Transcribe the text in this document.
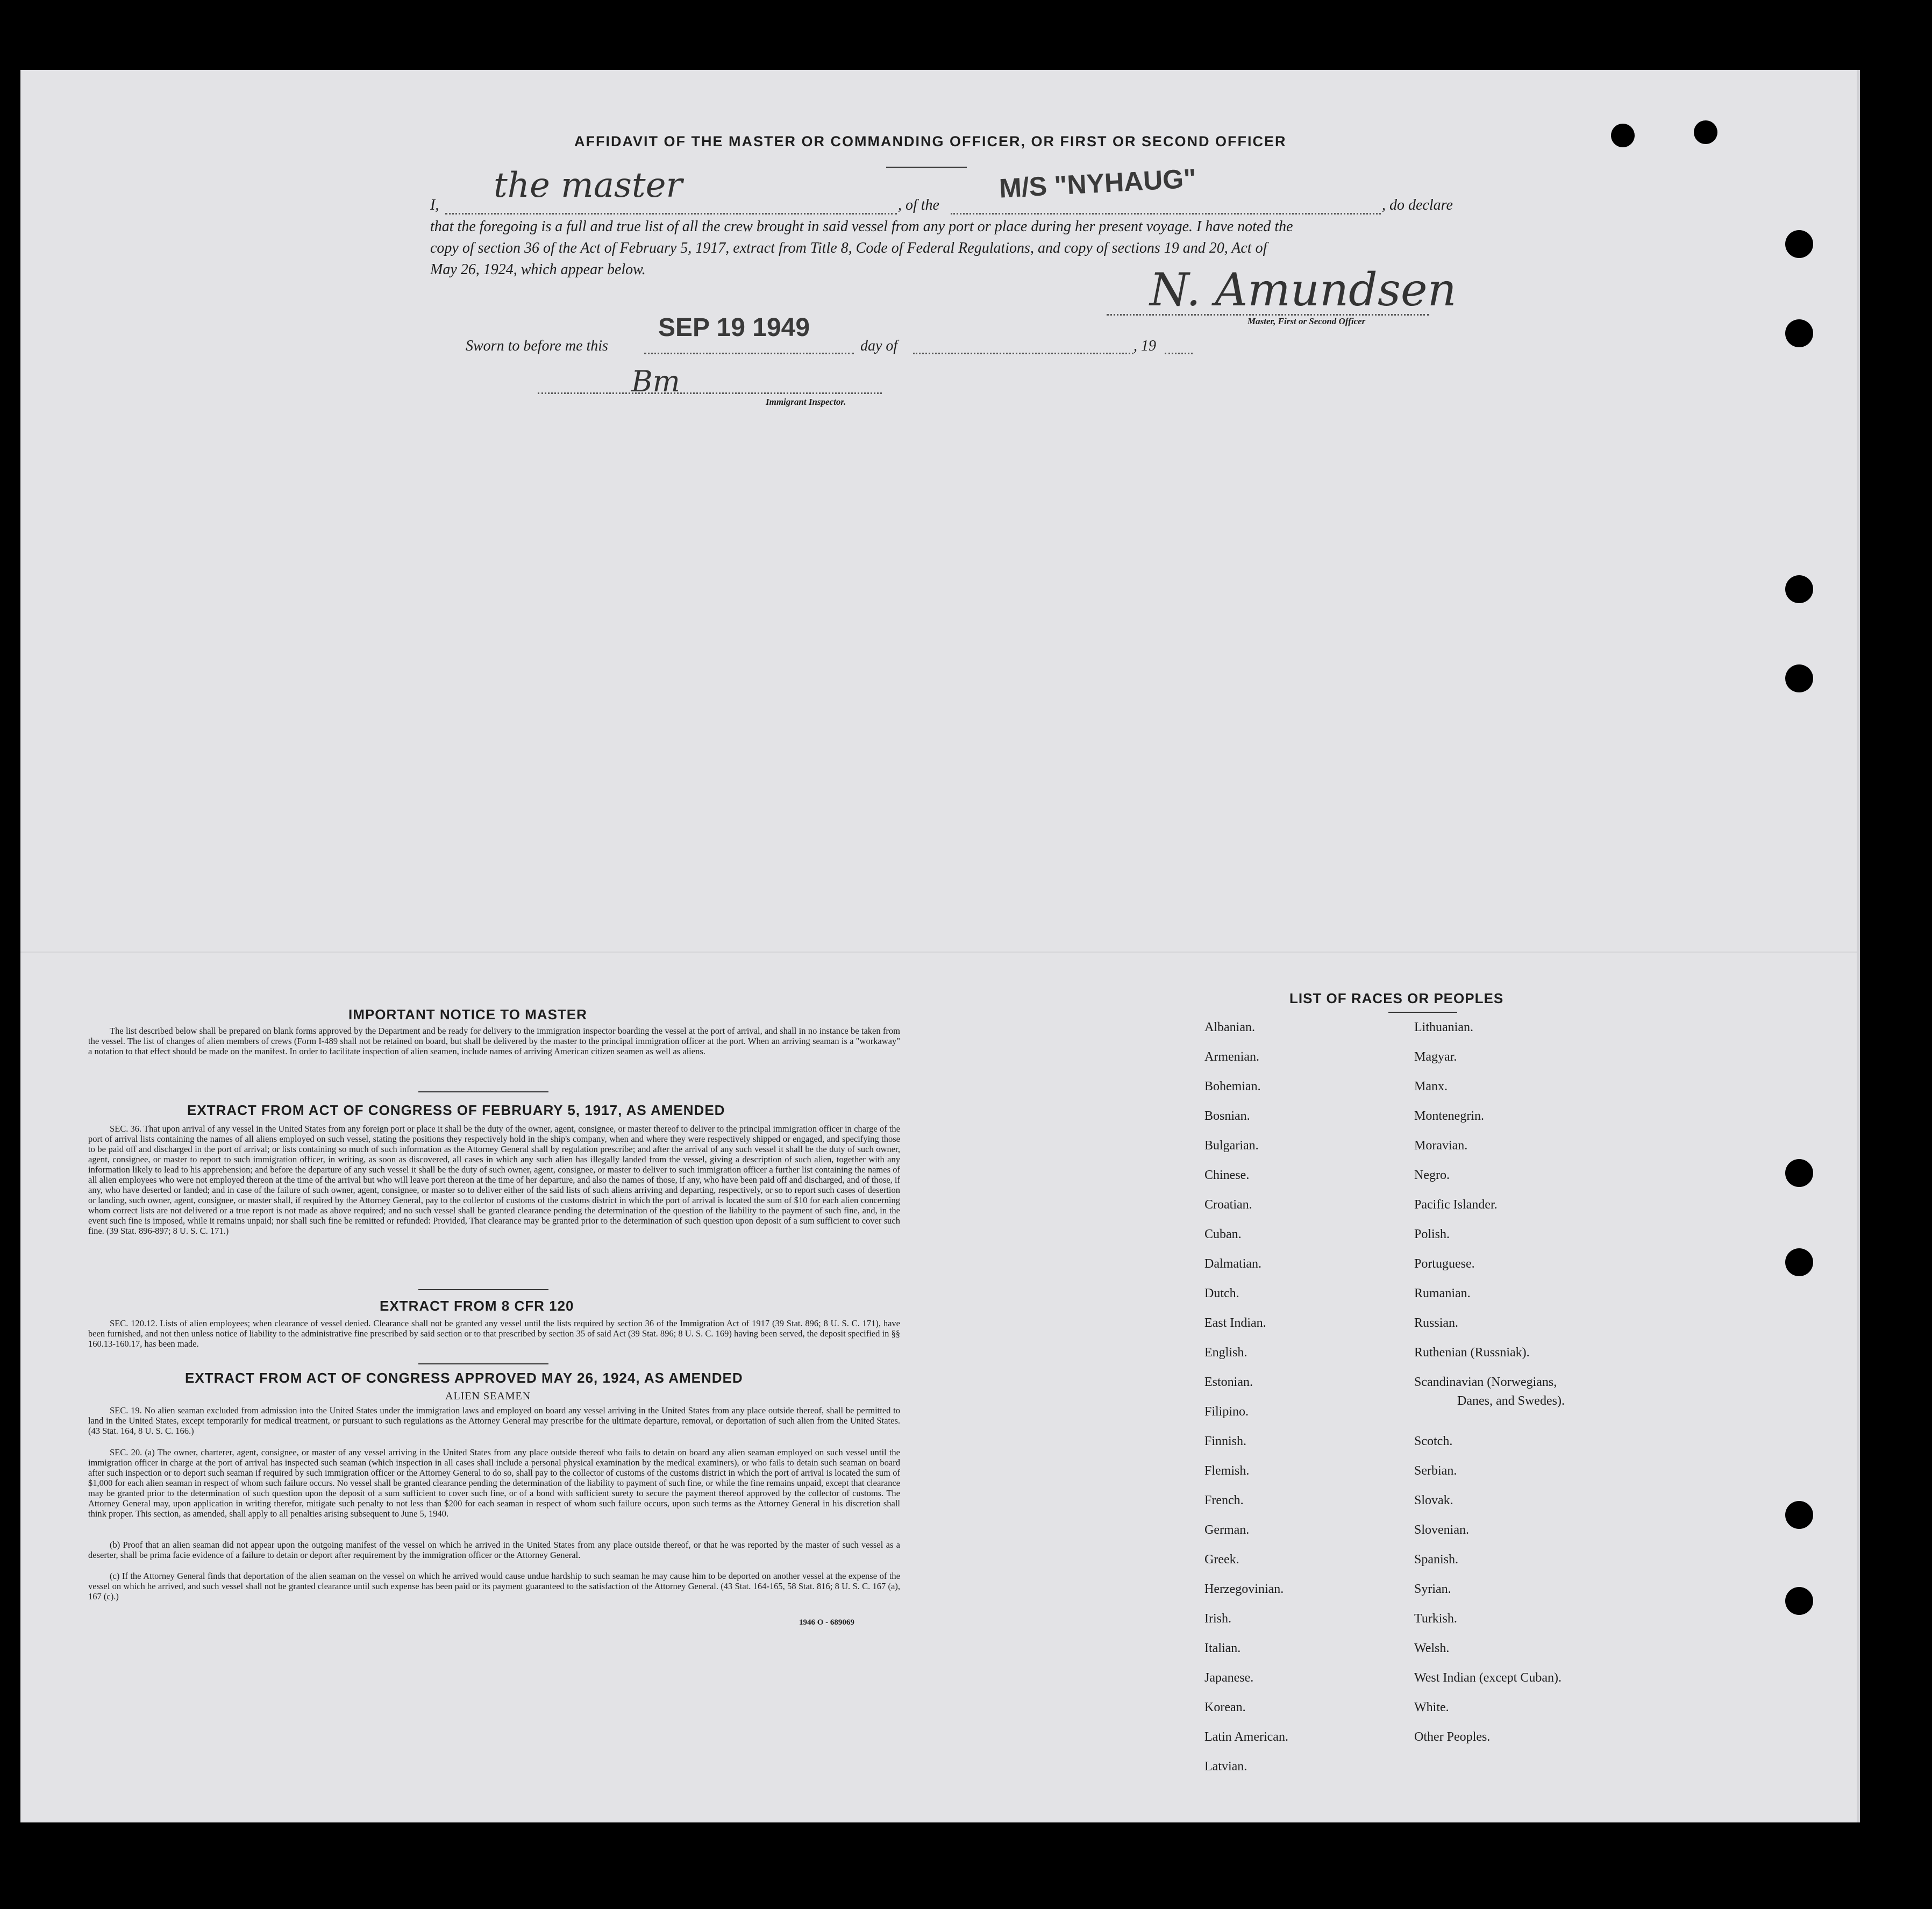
AFFIDAVIT OF THE MASTER OR COMMANDING OFFICER, OR FIRST OR SECOND OFFICER
I, the master	, of the
M/S "NYHAUG"
, do declare
that the foregoing is a full and true list of all the crew brought in said vessel from any port or place during her present voyage. I have noted the
copy of section 36 of the Act of February 5, 1917, extract from Title 8, Code of Federal Regulations, and copy of sections 19 and 20, Act of
May 26, 1924, which appear below.	N. Amundsen
Master, First or Second Officer
Sworn to before me this
SEP 19 1949
day of	, 19
Bm
Immigrant Inspector.
IMPORTANT NOTICE TO MASTER
The list described below shall be prepared on blank forms approved by the Department and be ready for delivery to the immigration inspector boarding the vessel at the port of arrival, and shall in no instance be taken from the vessel. The list of changes of alien members of crews (Form I-489 shall not be retained on board, but shall be delivered by the master to the principal immigration officer at the port. When an arriving seaman is a "workaway" a notation to that effect should be made on the manifest. In order to facilitate inspection of alien seamen, include names of arriving American citizen seamen as well as aliens.
EXTRACT FROM ACT OF CONGRESS OF FEBRUARY 5, 1917, AS AMENDED
SEC. 36. That upon arrival of any vessel in the United States from any foreign port or place it shall be the duty of the owner, agent, consignee, or master thereof to deliver to the principal immigration officer in charge of the port of arrival lists containing the names of all aliens employed on such vessel, stating the positions they respectively hold in the ship's company, when and where they were respectively shipped or engaged, and specifying those to be paid off and discharged in the port of arrival; or lists containing so much of such information as the Attorney General shall by regulation prescribe; and after the arrival of any such vessel it shall be the duty of such owner, agent, consignee, or master to report to such immigration officer, in writing, as soon as discovered, all cases in which any such alien has illegally landed from the vessel, giving a description of such alien, together with any information likely to lead to his apprehension; and before the departure of any such vessel it shall be the duty of such owner, agent, consignee, or master to deliver to such immigration officer a further list containing the names of all alien employees who were not employed thereon at the time of the arrival but who will leave port thereon at the time of her departure, and also the names of those, if any, who have been paid off and discharged, and of those, if any, who have deserted or landed; and in case of the failure of such owner, agent, consignee, or master so to deliver either of the said lists of such aliens arriving and departing, respectively, or so to report such cases of desertion or landing, such owner, agent, consignee, or master shall, if required by the Attorney General, pay to the collector of customs of the customs district in which the port of arrival is located the sum of $10 for each alien concerning whom correct lists are not delivered or a true report is not made as above required; and no such vessel shall be granted clearance pending the determination of the question of the liability to the payment of such fine, and, in the event such fine is imposed, while it remains unpaid; nor shall such fine be remitted or refunded: Provided, That clearance may be granted prior to the determination of such question upon deposit of a sum sufficient to cover such fine. (39 Stat. 896-897; 8 U. S. C. 171.)
EXTRACT FROM 8 CFR 120
SEC. 120.12. Lists of alien employees; when clearance of vessel denied. Clearance shall not be granted any vessel until the lists required by section 36 of the Immigration Act of 1917 (39 Stat. 896; 8 U. S. C. 171), have been furnished, and not then unless notice of liability to the administrative fine prescribed by said section or to that prescribed by section 35 of said Act (39 Stat. 896; 8 U. S. C. 169) having been served, the deposit specified in §§ 160.13-160.17, has been made.
EXTRACT FROM ACT OF CONGRESS APPROVED MAY 26, 1924, AS AMENDED
ALIEN SEAMEN
SEC. 19. No alien seaman excluded from admission into the United States under the immigration laws and employed on board any vessel arriving in the United States from any place outside thereof, shall be permitted to land in the United States, except temporarily for medical treatment, or pursuant to such regulations as the Attorney General may prescribe for the ultimate departure, removal, or deportation of such alien from the United States. (43 Stat. 164, 8 U. S. C. 166.)
SEC. 20. (a) The owner, charterer, agent, consignee, or master of any vessel arriving in the United States from any place outside thereof who fails to detain on board any alien seaman employed on such vessel until the immigration officer in charge at the port of arrival has inspected such seaman (which inspection in all cases shall include a personal physical examination by the medical examiners), or who fails to detain such seaman on board after such inspection or to deport such seaman if required by such immigration officer or the Attorney General to do so, shall pay to the collector of customs of the customs district in which the port of arrival is located the sum of $1,000 for each alien seaman in respect of whom such failure occurs. No vessel shall be granted clearance pending the determination of the liability to payment of such fine, or while the fine remains unpaid, except that clearance may be granted prior to the determination of such question upon the deposit of a sum sufficient to cover such fine, or of a bond with sufficient surety to secure the payment thereof approved by the collector of customs. The Attorney General may, upon application in writing therefor, mitigate such penalty to not less than $200 for each seaman in respect of whom such failure occurs, upon such terms as the Attorney General in his discretion shall think proper. This section, as amended, shall apply to all penalties arising subsequent to June 5, 1940.
(b) Proof that an alien seaman did not appear upon the outgoing manifest of the vessel on which he arrived in the United States from any place outside thereof, or that he was reported by the master of such vessel as a deserter, shall be prima facie evidence of a failure to detain or deport after requirement by the immigration officer or the Attorney General.
(c) If the Attorney General finds that deportation of the alien seaman on the vessel on which he arrived would cause undue hardship to such seaman he may cause him to be deported on another vessel at the expense of the vessel on which he arrived, and such vessel shall not be granted clearance until such expense has been paid or its payment guaranteed to the satisfaction of the Attorney General. (43 Stat. 164-165, 58 Stat. 816; 8 U. S. C. 167 (a), 167 (c).)
1946 O - 689069
LIST OF RACES OR PEOPLES
Danes, and Swedes).
Albanian.
Armenian.
Bohemian.
Bosnian.
Bulgarian.
Chinese.
Croatian.
Cuban.
Dalmatian.
Dutch.
East Indian.
English.
Estonian.
Filipino.
Finnish.
Flemish.
French.
German.
Greek.
Herzegovinian.
Irish.
Italian.
Japanese.
Korean.
Latin American.
Latvian.
Lithuanian.
Magyar.
Manx.
Montenegrin.
Moravian.
Negro.
Pacific Islander.
Polish.
Portuguese.
Rumanian.
Russian.
Ruthenian (Russniak).
Scandinavian (Norwegians,
Scotch.
Serbian.
Slovak.
Slovenian.
Spanish.
Syrian.
Turkish.
Welsh.
West Indian (except Cuban).
White.
Other Peoples.
